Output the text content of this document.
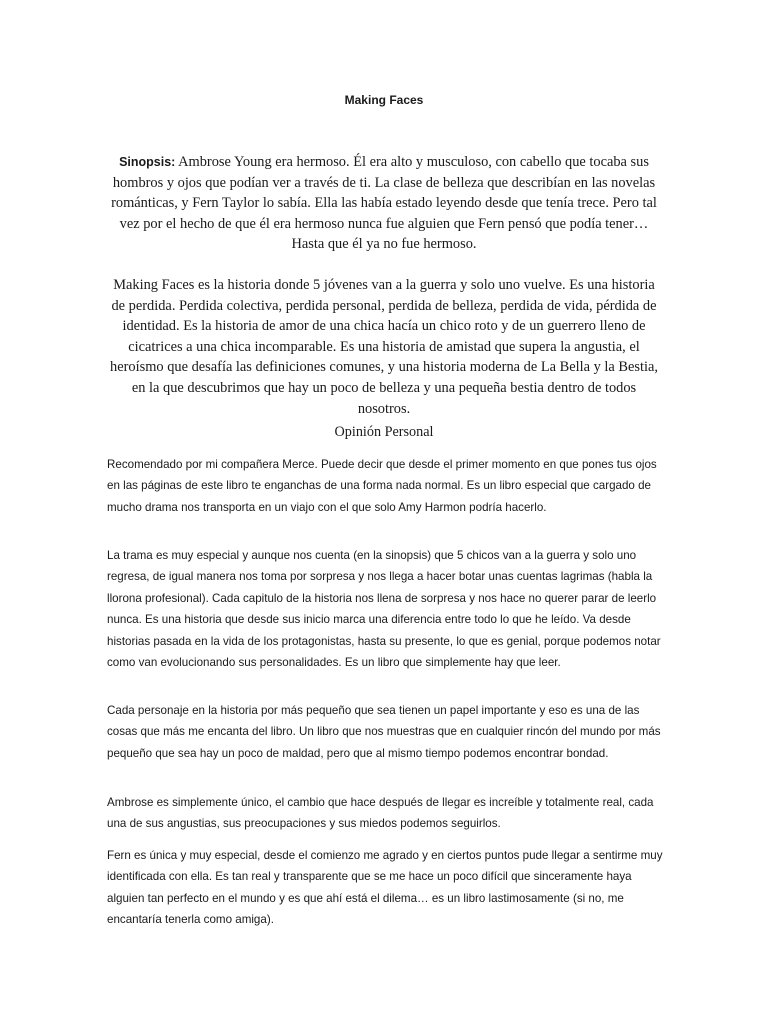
Making Faces

Sinopsis: Ambrose Young era hermoso. Él era alto y musculoso, con cabello que tocaba sus hombros y ojos que podían ver a través de ti. La clase de belleza que describían en las novelas románticas, y Fern Taylor lo sabía. Ella las había estado leyendo desde que tenía trece. Pero tal vez por el hecho de que él era hermoso nunca fue alguien que Fern pensó que podía tener…Hasta que él ya no fue hermoso.

Making Faces es la historia donde 5 jóvenes van a la guerra y solo uno vuelve. Es una historia de perdida. Perdida colectiva, perdida personal, perdida de belleza, perdida de vida, pérdida de identidad. Es la historia de amor de una chica hacía un chico roto y de un guerrero lleno de cicatrices a una chica incomparable. Es una historia de amistad que supera la angustia, el heroísmo que desafía las definiciones comunes, y una historia moderna de La Bella y la Bestia, en la que descubrimos que hay un poco de belleza y una pequeña bestia dentro de todos nosotros.

Opinión Personal

Recomendado por mi compañera Merce. Puede decir que desde el primer momento en que pones tus ojos en las páginas de este libro te enganchas de una forma nada normal. Es un libro especial que cargado de mucho drama nos transporta en un viajo con el que solo Amy Harmon podría hacerlo.

La trama es muy especial y aunque nos cuenta (en la sinopsis) que 5 chicos van a la guerra y solo uno regresa, de igual manera nos toma por sorpresa y nos llega a hacer botar unas cuentas lagrimas (habla la llorona profesional). Cada capitulo de la historia nos llena de sorpresa y nos hace no querer parar de leerlo nunca. Es una historia que desde sus inicio marca una diferencia entre todo lo que he leído. Va desde historias pasada en la vida de los protagonistas, hasta su presente, lo que es genial, porque podemos notar como van evolucionando sus personalidades. Es un libro que simplemente hay que leer.

Cada personaje en la historia por más pequeño que sea tienen un papel importante y eso es una de las cosas que más me encanta del libro. Un libro que nos muestras que en cualquier rincón del mundo por más pequeño que sea hay un poco de maldad, pero que al mismo tiempo podemos encontrar bondad.

Ambrose es simplemente único, el cambio que hace después de llegar es increíble y totalmente real, cada una de sus angustias, sus preocupaciones y sus miedos podemos seguirlos.

Fern es única y muy especial, desde el comienzo me agrado y en ciertos puntos pude llegar a sentirme muy identificada con ella. Es tan real y transparente que se me hace un poco difícil que sinceramente haya alguien tan perfecto en el mundo y es que ahí está el dilema… es un libro lastimosamente (si no, me encantaría tenerla como amiga).
